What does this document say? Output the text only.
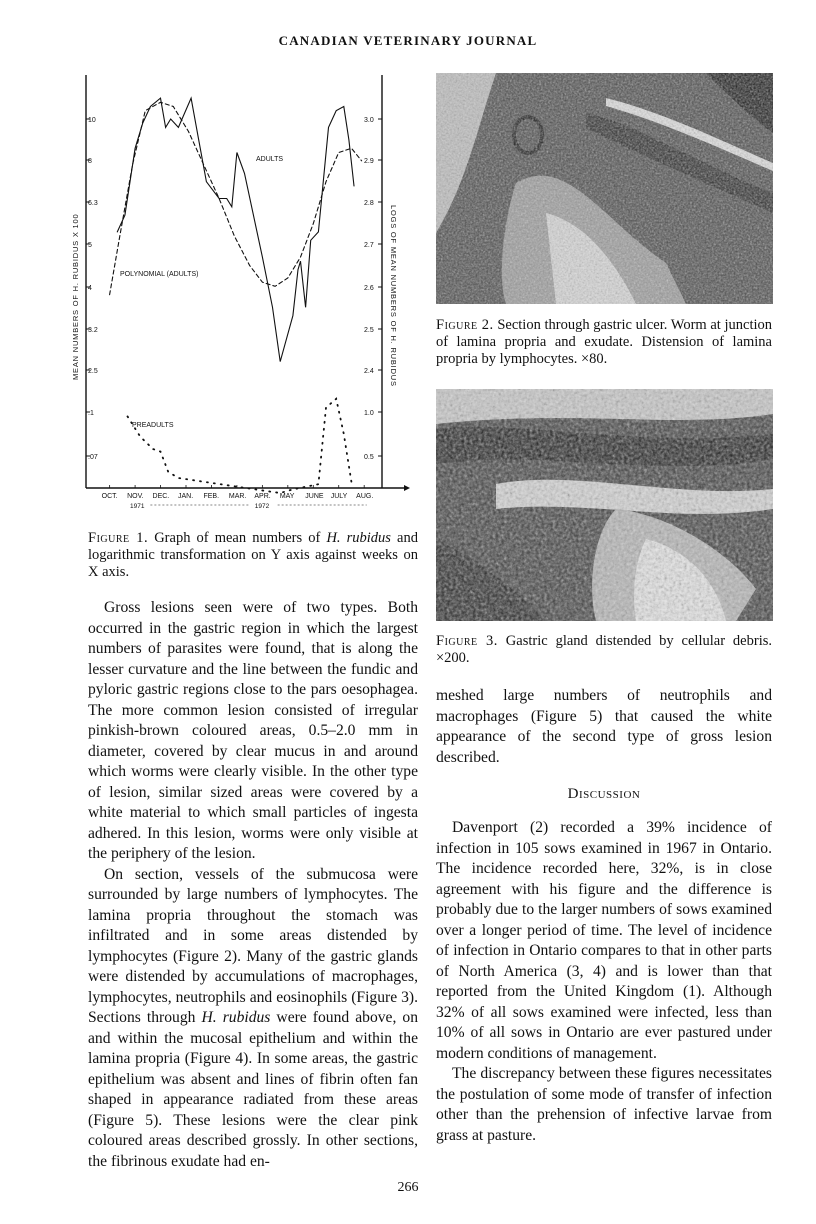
CANADIAN VETERINARY JOURNAL
.07
.1
2.5
3.2
4
5
6.3
8
10
0.5
1.0
2.4
2.5
2.6
2.7
2.8
2.9
3.0
MEAN NUMBERS OF H. RUBIDUS X 100	LOGS OF MEAN NUMBERS OF H. RUBIDUS
OCT. NOV. DEC. JAN. FEB. MAR. APR. MAY JUNE JULY AUG.
1971	1972
ADULTS
POLYNOMIAL (ADULTS)
PREADULTS
Figure 1. Graph of mean numbers of H. rubidus and logarithmic transformation on Y axis against weeks on X axis.
Figure 2. Section through gastric ulcer. Worm at junction of lamina propria and exudate. Distension of lamina propria by lymphocytes. ×80.
Figure 3. Gastric gland distended by cellular debris. ×200.

Gross lesions seen were of two types. Both occurred in the gastric region in which the largest numbers of parasites were found, that is along the lesser curvature and the line between the fundic and pyloric gastric regions close to the pars oesophagea. The more common lesion consisted of irregular pinkish-brown coloured areas, 0.5–2.0 mm in diameter, covered by clear mucus in and around which worms were clearly visible. In the other type of lesion, similar sized areas were covered by a white material to which small particles of ingesta adhered. In this lesion, worms were only visible at the periphery of the lesion.

On section, vessels of the submucosa were surrounded by large numbers of lymphocytes. The lamina propria throughout the stomach was infiltrated and in some areas distended by lymphocytes (Figure 2). Many of the gastric glands were distended by accumulations of macrophages, lymphocytes, neutrophils and eosinophils (Figure 3). Sections through H. rubidus were found above, on and within the mucosal epithelium and within the lamina propria (Figure 4). In some areas, the gastric epithelium was absent and lines of fibrin often fan shaped in appearance radiated from these areas (Figure 5). These lesions were the clear pink coloured areas described grossly. In other sections, the fibrinous exudate had en-

meshed large numbers of neutrophils and macrophages (Figure 5) that caused the white appearance of the second type of gross lesion described.

Discussion

Davenport (2) recorded a 39% incidence of infection in 105 sows examined in 1967 in Ontario. The incidence recorded here, 32%, is in close agreement with his figure and the difference is probably due to the larger numbers of sows examined over a longer period of time. The level of incidence of infection in Ontario compares to that in other parts of North America (3, 4) and is lower than that reported from the United Kingdom (1). Although 32% of all sows examined were infected, less than 10% of all sows in Ontario are ever pastured under modern conditions of management.

The discrepancy between these figures necessitates the postulation of some mode of transfer of infection other than the prehension of infective larvae from grass at pasture.

266
